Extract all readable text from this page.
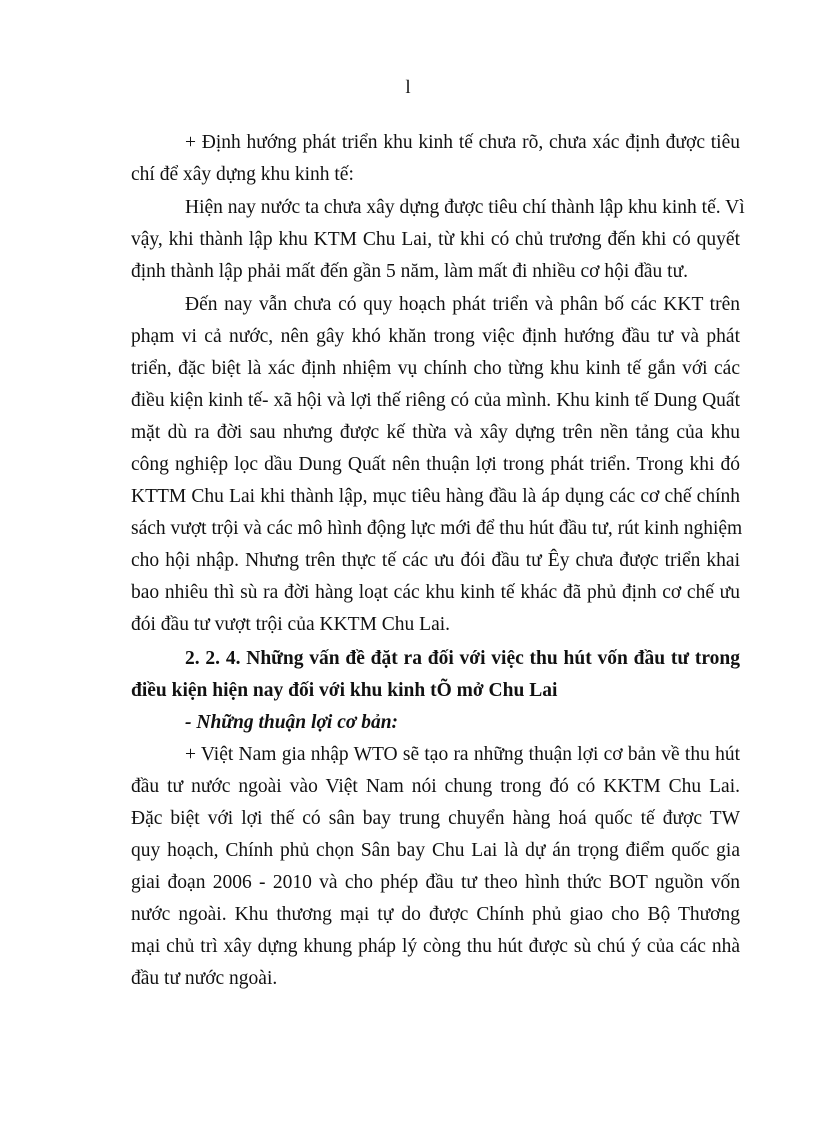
l
+ Định hướng phát triển khu kinh tế chưa rõ, chưa xác định được tiêu
chí để xây dựng khu kinh tế:
Hiện nay nước ta chưa xây dựng được tiêu chí thành lập khu kinh tế. Vì
vậy, khi thành lập khu KTM Chu Lai, từ khi có chủ trương đến khi có quyết
định thành lập phải mất đến gần 5 năm, làm mất đi nhiều cơ hội đầu tư.
Đến nay vẫn chưa có quy hoạch phát triển và phân bố các KKT trên
phạm vi cả nước, nên gây khó khăn trong việc định hướng đầu tư và phát
triển, đặc biệt là xác định nhiệm vụ chính cho từng khu kinh tế gắn với các
điều kiện kinh tế- xã hội và lợi thế riêng có của mình. Khu kinh tế Dung Quất
mặt dù ra đời sau nhưng được kế thừa và xây dựng trên nền tảng của khu
công nghiệp lọc dầu Dung Quất nên thuận lợi trong phát triển. Trong khi đó
KTTM Chu Lai khi thành lập, mục tiêu hàng đầu là áp dụng các cơ chế chính
sách vượt trội và các mô hình động lực mới để thu hút đầu tư, rút kinh nghiệm
cho hội nhập. Nhưng trên thực tế các ưu đói đầu tư Êy chưa được triển khai
bao nhiêu thì sù ra đời hàng loạt các khu kinh tế khác đã phủ định cơ chế ưu
đói đầu tư vượt trội của KKTM Chu Lai.
2. 2. 4. Những vấn đề đặt ra đối với việc thu hút vốn đầu tư trong
điều kiện hiện nay đối với khu kinh tÕ mở Chu Lai
- Những thuận lợi cơ bản:
+ Việt Nam gia nhập WTO sẽ tạo ra những thuận lợi cơ bản về thu hút
đầu tư nước ngoài vào Việt Nam nói chung trong đó có KKTM Chu Lai.
Đặc biệt với lợi thế có sân bay trung chuyển hàng hoá quốc tế được TW
quy hoạch, Chính phủ chọn Sân bay Chu Lai là dự án trọng điểm quốc gia
giai đoạn 2006 - 2010 và cho phép đầu tư theo hình thức BOT nguồn vốn
nước ngoài. Khu thương mại tự do được Chính phủ giao cho Bộ Thương
mại chủ trì xây dựng khung pháp lý còng thu hút được sù chú ý của các nhà
đầu tư nước ngoài.
